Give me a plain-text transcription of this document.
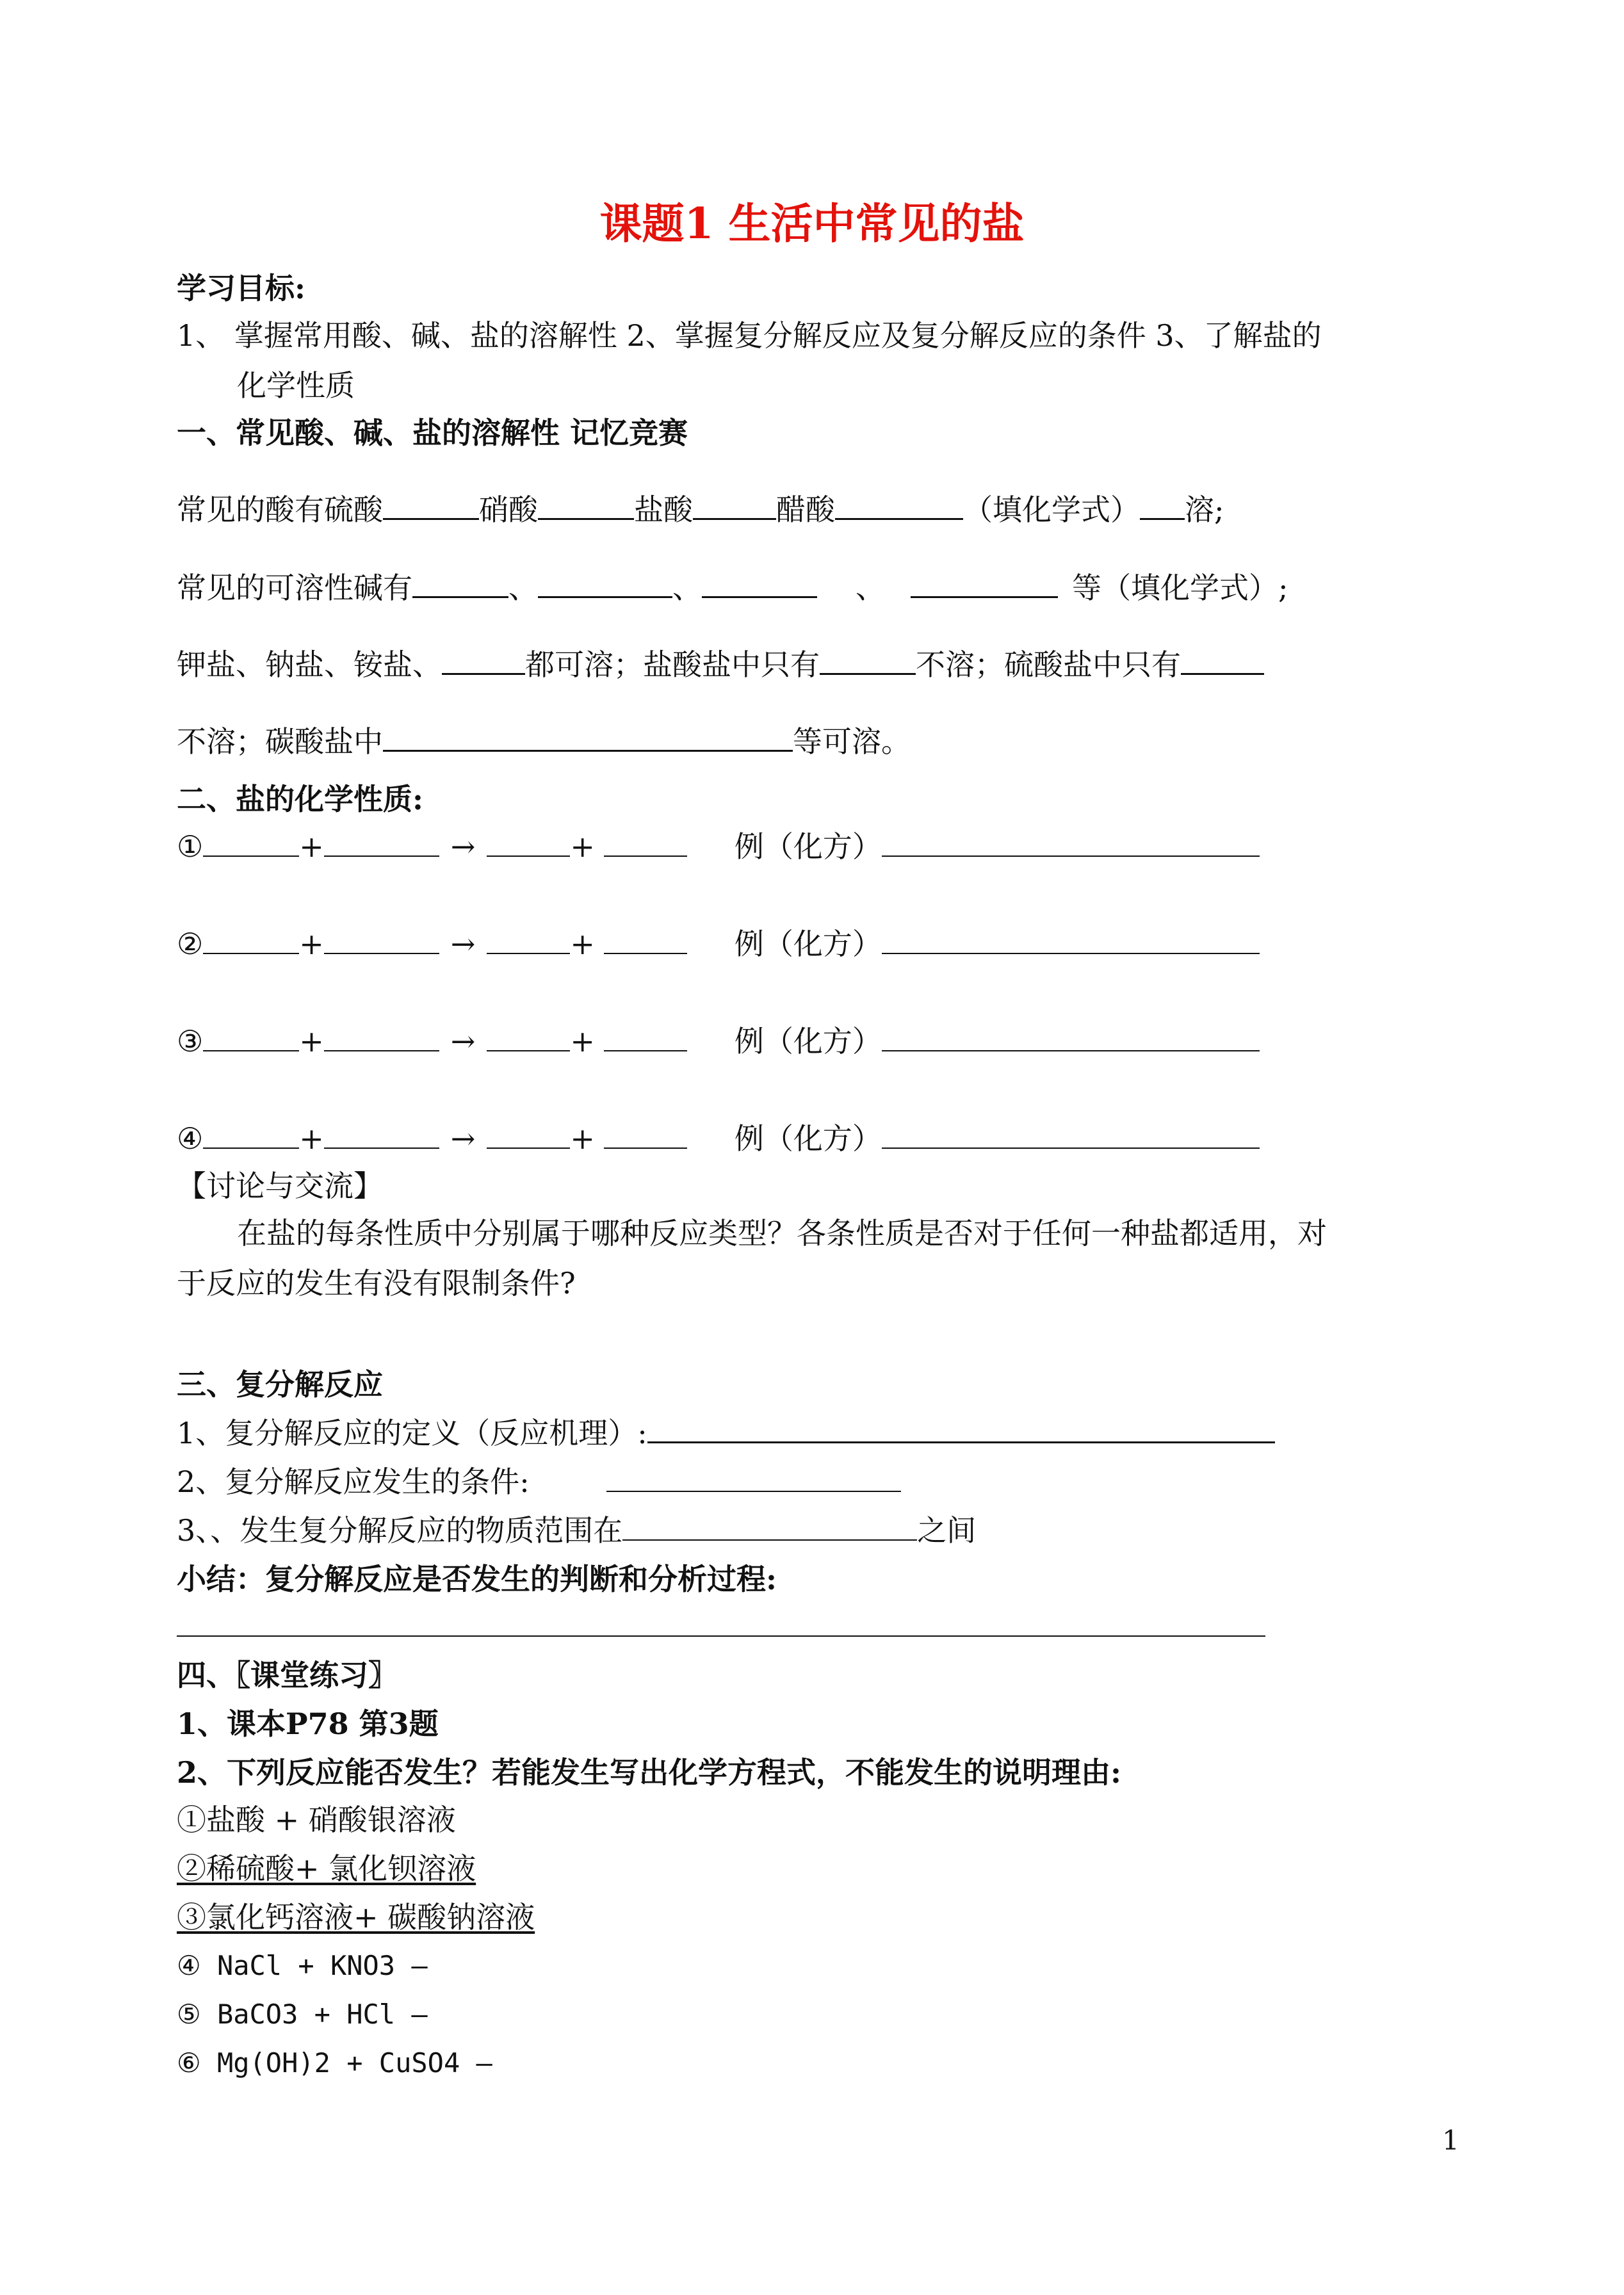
课题1 生活中常见的盐
学习目标:
1、 掌握常用酸、碱、盐的溶解性 2、掌握复分解反应及复分解反应的条件 3、了解盐的
化学性质
一、常见酸、碱、盐的溶解性 记忆竞赛
常见的酸有硫酸	硝酸	盐酸	醋酸	（填化学式） 溶;
常见的可溶性碱有	、	、	、	等（填化学式）;
钾盐、钠盐、铵盐、	都可溶；盐酸盐中只有	不溶；硫酸盐中只有
不溶；碳酸盐中	等可溶。
二、盐的化学性质:
①	+	→	+	例（化方）
②	+	→	+	例（化方）
③	+	→	+	例（化方）
④	+	→	+	例（化方）
【讨论与交流】
在盐的每条性质中分别属于哪种反应类型？各条性质是否对于任何一种盐都适用，对
于反应的发生有没有限制条件?
三、复分解反应
1、复分解反应的定义（反应机理）:
2、复分解反应发生的条件:
3、、发生复分解反应的物质范围在	之间
小结：复分解反应是否发生的判断和分析过程:
四、〖课堂练习〗
1、课本P78 第3题
2、下列反应能否发生？若能发生写出化学方程式，不能发生的说明理由:
①盐酸 + 硝酸银溶液
②稀硫酸+ 氯化钡溶液
③氯化钙溶液+ 碳酸钠溶液
④ NaCl + KNO3 —
⑤ BaCO3 + HCl —
⑥ Mg(OH)2 + CuSO4 —
1
